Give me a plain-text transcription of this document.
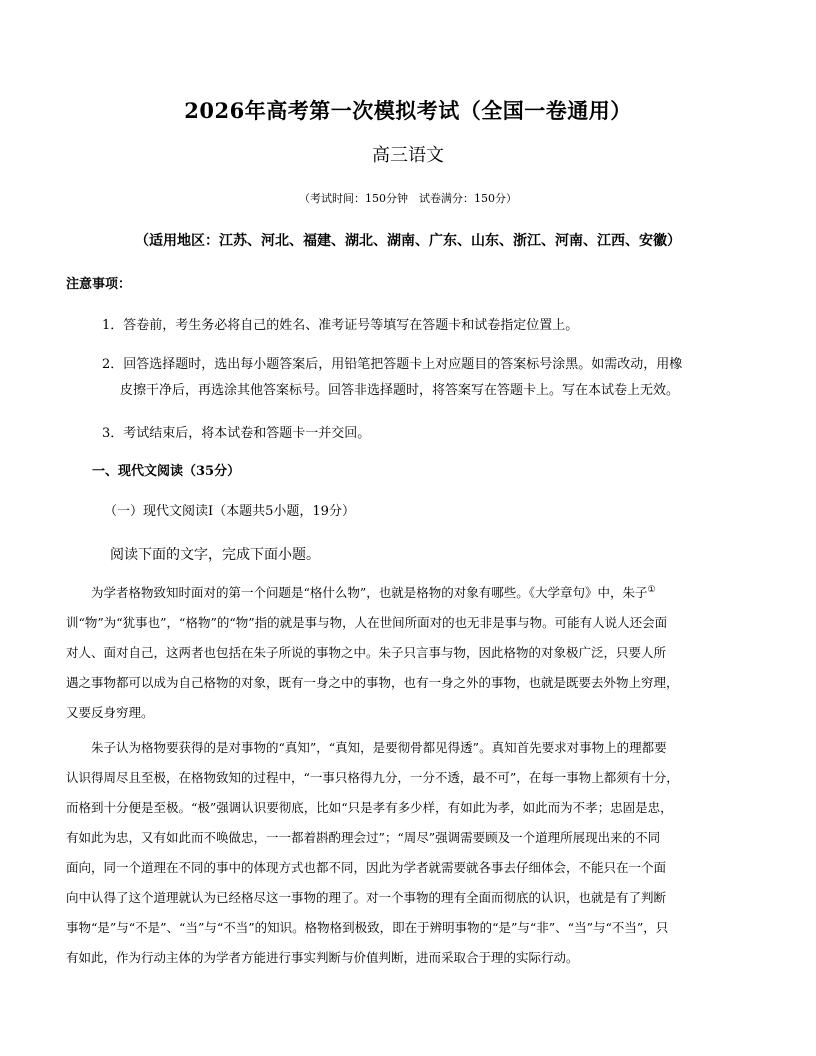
2026年高考第一次模拟考试（全国一卷通用）
高三语文
（考试时间：150分钟　试卷满分：150分）
（适用地区：江苏、河北、福建、湖北、湖南、广东、山东、浙江、河南、江西、安徽）
注意事项：
1．答卷前，考生务必将自己的姓名、准考证号等填写在答题卡和试卷指定位置上。
2．回答选择题时，选出每小题答案后，用铅笔把答题卡上对应题目的答案标号涂黑。如需改动，用橡
皮擦干净后，再选涂其他答案标号。回答非选择题时，将答案写在答题卡上。写在本试卷上无效。
3．考试结束后，将本试卷和答题卡一并交回。
一、现代文阅读（35分）
（一）现代文阅读Ⅰ（本题共5小题，19分）
阅读下面的文字，完成下面小题。
为学者格物致知时面对的第一个问题是“格什么物”，也就是格物的对象有哪些。《大学章句》中，朱子①
训“物”为“犹事也”，“格物”的“物”指的就是事与物，人在世间所面对的也无非是事与物。可能有人说人还会面
对人、面对自己，这两者也包括在朱子所说的事物之中。朱子只言事与物，因此格物的对象极广泛，只要人所
遇之事物都可以成为自己格物的对象，既有一身之中的事物，也有一身之外的事物，也就是既要去外物上穷理，
又要反身穷理。
朱子认为格物要获得的是对事物的“真知”，“真知，是要彻骨都见得透”。真知首先要求对事物上的理都要
认识得周尽且至极，在格物致知的过程中，“一事只格得九分，一分不透，最不可”，在每一事物上都须有十分，
而格到十分便是至极。“极”强调认识要彻底，比如“只是孝有多少样，有如此为孝，如此而为不孝；忠固是忠，
有如此为忠，又有如此而不唤做忠，一一都着斟酌理会过”；“周尽”强调需要顾及一个道理所展现出来的不同
面向，同一个道理在不同的事中的体现方式也都不同，因此为学者就需要就各事去仔细体会，不能只在一个面
向中认得了这个道理就认为已经格尽这一事物的理了。对一个事物的理有全面而彻底的认识，也就是有了判断
事物“是”与“不是”、“当”与“不当”的知识。格物格到极致，即在于辨明事物的“是”与“非”、“当”与“不当”，只
有如此，作为行动主体的为学者方能进行事实判断与价值判断，进而采取合于理的实际行动。
